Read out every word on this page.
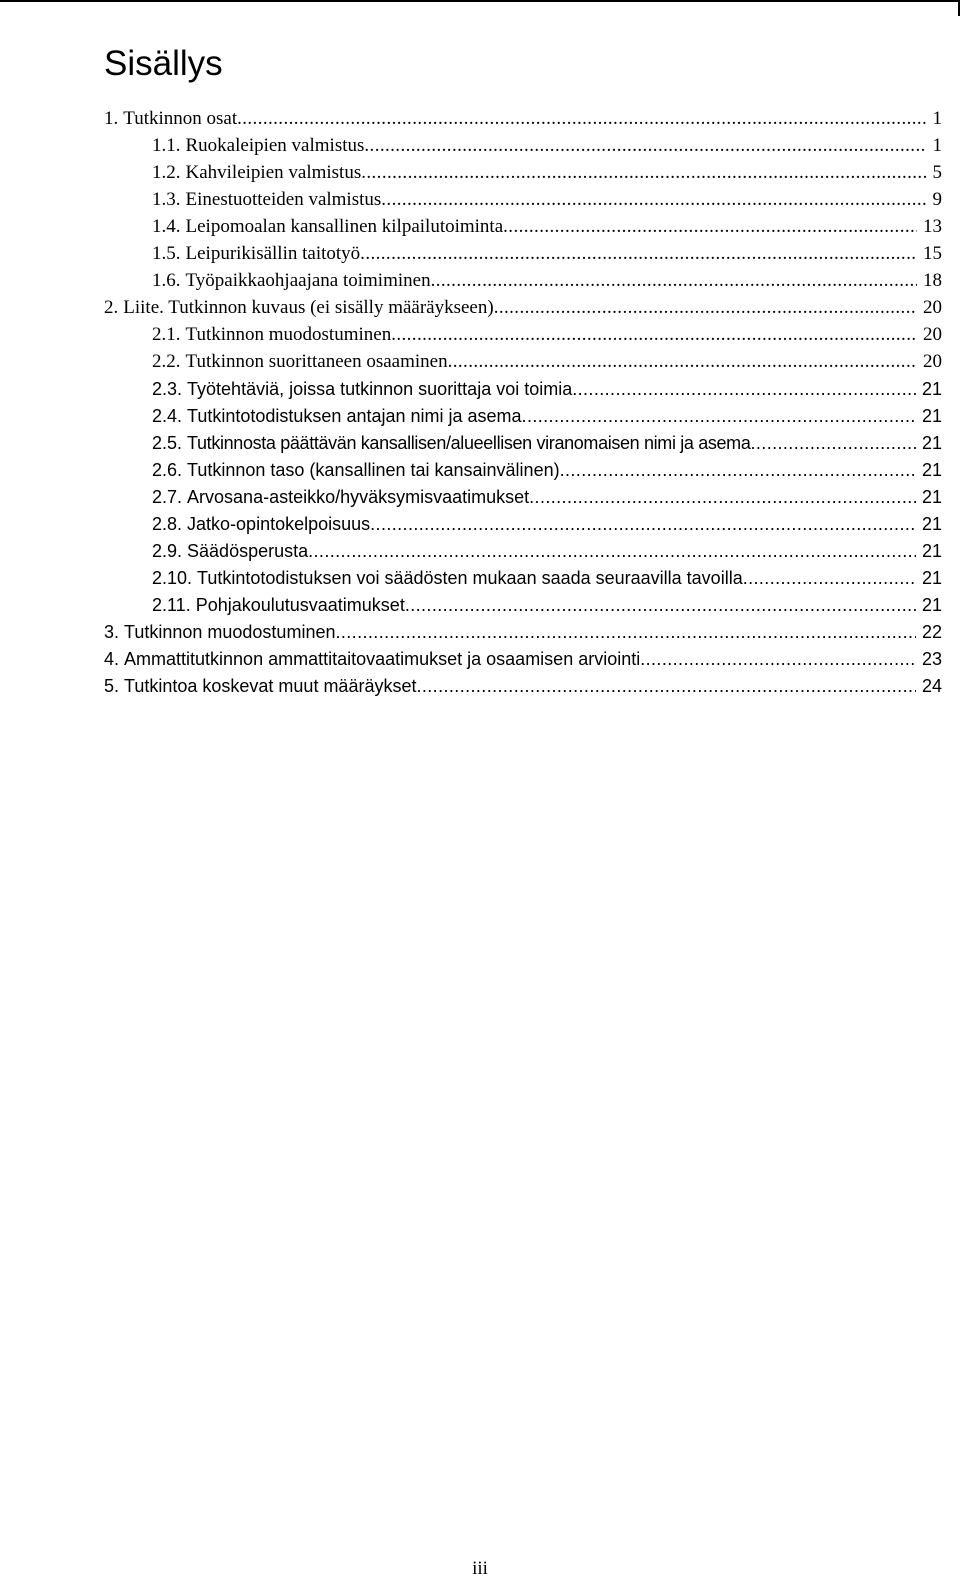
Sisällys
1. Tutkinnon osat .....	1
1.1. Ruokaleipien valmistus .....	1
1.2. Kahvileipien valmistus .....	5
1.3. Einestuotteiden valmistus .....	9
1.4. Leipomoalan kansallinen kilpailutoiminta .....	13
1.5. Leipurikisällin taitotyö .....	15
1.6. Työpaikkaohjaajana toimiminen .....	18
2. Liite. Tutkinnon kuvaus (ei sisälly määräykseen) .....	20
2.1. Tutkinnon muodostuminen .....	20
2.2. Tutkinnon suorittaneen osaaminen .....	20
2.3. Työtehtäviä, joissa tutkinnon suorittaja voi toimia .....	21
2.4. Tutkintotodistuksen antajan nimi ja asema .....	21
2.5. Tutkinnosta päättävän kansallisen/alueellisen viranomaisen nimi ja asema .....	21
2.6. Tutkinnon taso (kansallinen tai kansainvälinen) .....	21
2.7. Arvosana-asteikko/hyväksymisvaatimukset .....	21
2.8. Jatko-opintokelpoisuus .....	21
2.9. Säädösperusta .....	21
2.10. Tutkintotodistuksen voi säädösten mukaan saada seuraavilla tavoilla .....	21
2.11. Pohjakoulutusvaatimukset .....	21
3. Tutkinnon muodostuminen .....	22
4. Ammattitutkinnon ammattitaitovaatimukset ja osaamisen arviointi .....	23
5. Tutkintoa koskevat muut määräykset .....	24
iii
